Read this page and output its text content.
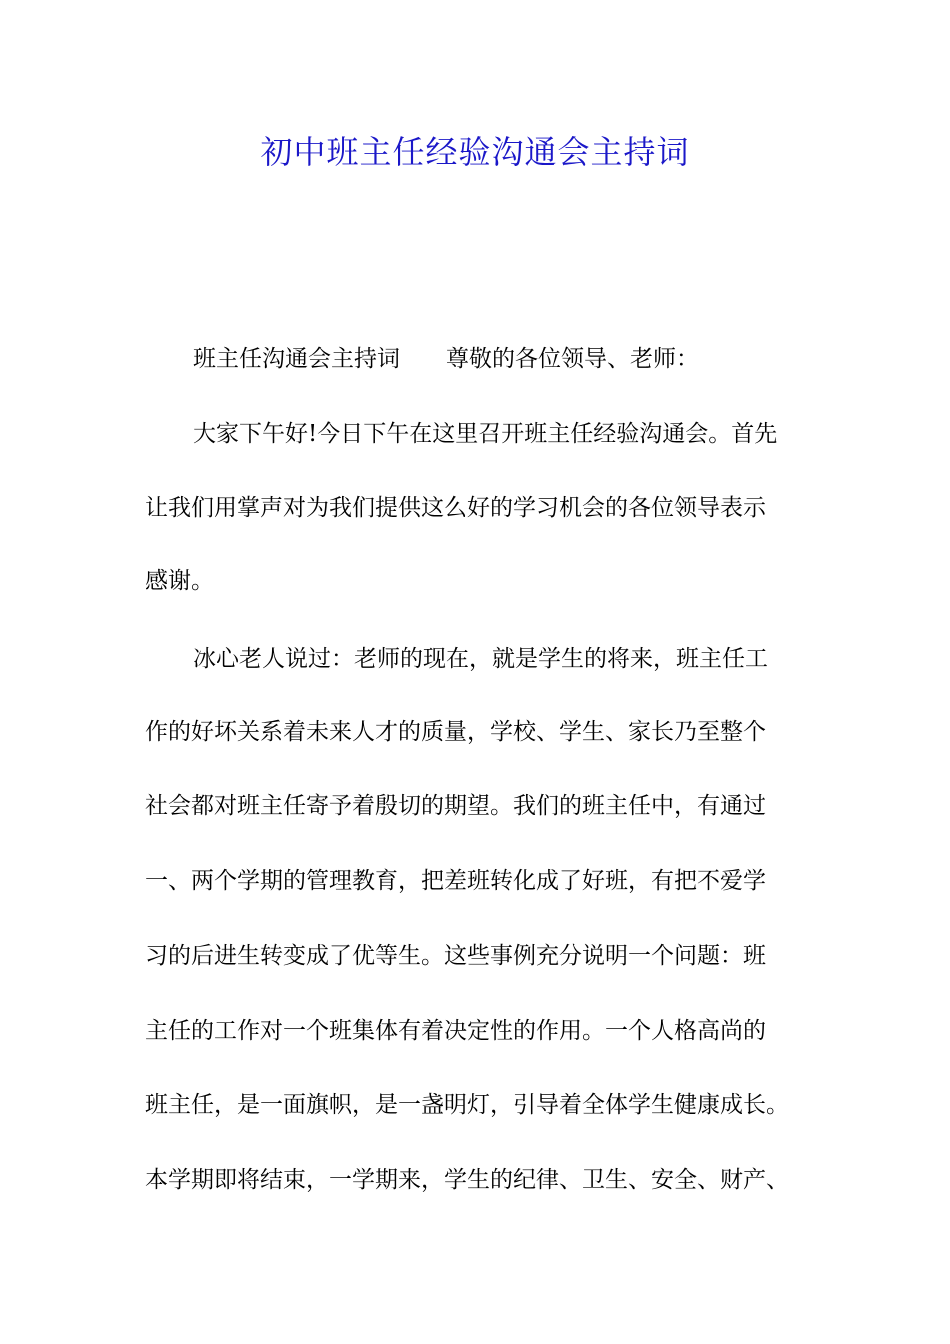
初中班主任经验沟通会主持词

班主任沟通会主持词 尊敬的各位领导、老师：

大家下午好!今日下午在这里召开班主任经验沟通会。首先

让我们用掌声对为我们提供这么好的学习机会的各位领导表示

感谢。

冰心老人说过：老师的现在，就是学生的将来，班主任工

作的好坏关系着未来人才的质量，学校、学生、家长乃至整个

社会都对班主任寄予着殷切的期望。我们的班主任中，有通过

一、两个学期的管理教育，把差班转化成了好班，有把不爱学

习的后进生转变成了优等生。这些事例充分说明一个问题：班

主任的工作对一个班集体有着决定性的作用。一个人格高尚的

班主任，是一面旗帜，是一盏明灯，引导着全体学生健康成长。

本学期即将结束，一学期来，学生的纪律、卫生、安全、财产、
